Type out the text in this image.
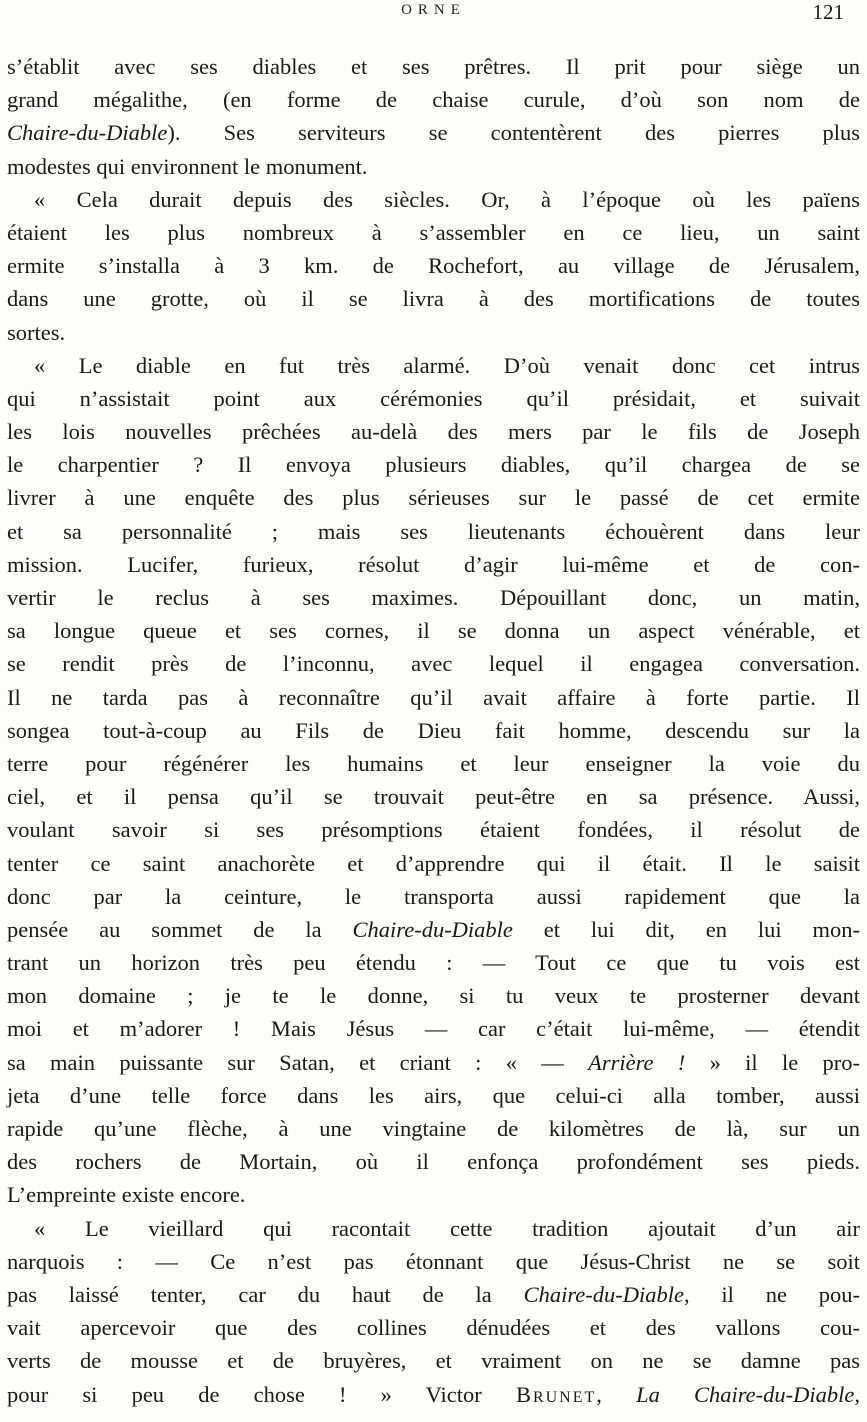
ORNE	121
s’établit avec ses diables et ses prêtres. Il prit pour siège un
grand mégalithe, (en forme de chaise curule, d’où son nom de
Chaire-du-Diable). Ses serviteurs se contentèrent des pierres plus
modestes qui environnent le monument.
« Cela durait depuis des siècles. Or, à l’époque où les païens
étaient les plus nombreux à s’assembler en ce lieu, un saint
ermite s’installa à 3 km. de Rochefort, au village de Jérusalem,
dans une grotte, où il se livra à des mortifications de toutes
sortes.
« Le diable en fut très alarmé. D’où venait donc cet intrus
qui n’assistait point aux cérémonies qu’il présidait, et suivait
les lois nouvelles prêchées au-delà des mers par le fils de Joseph
le charpentier ? Il envoya plusieurs diables, qu’il chargea de se
livrer à une enquête des plus sérieuses sur le passé de cet ermite
et sa personnalité ; mais ses lieutenants échouèrent dans leur
mission. Lucifer, furieux, résolut d’agir lui-même et de con-
vertir le reclus à ses maximes. Dépouillant donc, un matin,
sa longue queue et ses cornes, il se donna un aspect vénérable, et
se rendit près de l’inconnu, avec lequel il engagea conversation.
Il ne tarda pas à reconnaître qu’il avait affaire à forte partie. Il
songea tout-à-coup au Fils de Dieu fait homme, descendu sur la
terre pour régénérer les humains et leur enseigner la voie du
ciel, et il pensa qu’il se trouvait peut-être en sa présence. Aussi,
voulant savoir si ses présomptions étaient fondées, il résolut de
tenter ce saint anachorète et d’apprendre qui il était. Il le saisit
donc par la ceinture, le transporta aussi rapidement que la
pensée au sommet de la Chaire-du-Diable et lui dit, en lui mon-
trant un horizon très peu étendu : — Tout ce que tu vois est
mon domaine ; je te le donne, si tu veux te prosterner devant
moi et m’adorer ! Mais Jésus — car c’était lui-même, — étendit
sa main puissante sur Satan, et criant : « — Arrière ! » il le pro-
jeta d’une telle force dans les airs, que celui-ci alla tomber, aussi
rapide qu’une flèche, à une vingtaine de kilomètres de là, sur un
des rochers de Mortain, où il enfonça profondément ses pieds.
L’empreinte existe encore.
« Le vieillard qui racontait cette tradition ajoutait d’un air
narquois : — Ce n’est pas étonnant que Jésus-Christ ne se soit
pas laissé tenter, car du haut de la Chaire-du-Diable, il ne pou-
vait apercevoir que des collines dénudées et des vallons cou-
verts de mousse et de bruyères, et vraiment on ne se damne pas
pour si peu de chose ! » Victor Brunet, La Chaire-du-Diable,
